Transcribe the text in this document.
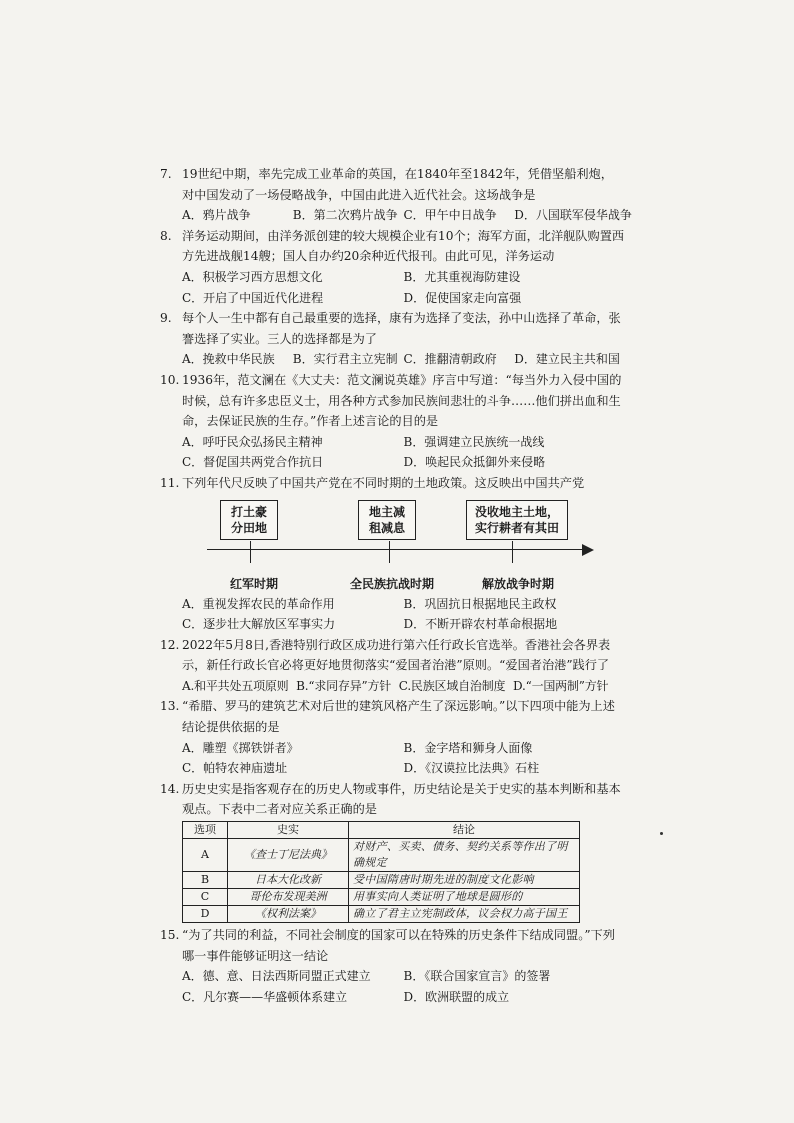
7. 19世纪中期，率先完成工业革命的英国，在1840年至1842年，凭借坚船利炮，对中国发动了一场侵略战争，中国由此进入近代社会。这场战争是
A．鸦片战争	B．第二次鸦片战争 C．甲午中日战争	D．八国联军侵华战争
8. 洋务运动期间，由洋务派创建的较大规模企业有10个；海军方面，北洋舰队购置西方先进战舰14艘；国人自办约20余种近代报刊。由此可见，洋务运动
A．积极学习西方思想文化	B．尤其重视海防建设
C．开启了中国近代化进程	D．促使国家走向富强
9. 每个人一生中都有自己最重要的选择，康有为选择了变法，孙中山选择了革命，张謇选择了实业。三人的选择都是为了
A．挽救中华民族	B．实行君主立宪制 C．推翻清朝政府	D．建立民主共和国
10. 1936年，范文澜在《大丈夫：范文澜说英雄》序言中写道：“每当外力入侵中国的时候，总有许多忠臣义士，用各种方式参加民族间悲壮的斗争……他们拼出血和生命，去保证民族的生存。”作者上述言论的目的是
A．呼吁民众弘扬民主精神	B．强调建立民族统一战线
C．督促国共两党合作抗日	D．唤起民众抵御外来侵略
11. 下列年代尺反映了中国共产党在不同时期的土地政策。这反映出中国共产党
打土豪
分田地
地主减
租减息
没收地主土地，
实行耕者有其田
红军时期	全民族抗战时期	解放战争时期
A．重视发挥农民的革命作用	B．巩固抗日根据地民主政权
C．逐步壮大解放区军事实力	D．不断开辟农村革命根据地
12. 2022年5月8日,香港特别行政区成功进行第六任行政长官选举。香港社会各界表示，新任行政长官必将更好地贯彻落实“爱国者治港”原则。“爱国者治港”践行了
A.和平共处五项原则 B.“求同存异”方针 C.民族区域自治制度 D.“一国两制”方针
13. “希腊、罗马的建筑艺术对后世的建筑风格产生了深远影响。”以下四项中能为上述结论提供依据的是
A．雕塑《掷铁饼者》	B．金字塔和狮身人面像
C．帕特农神庙遗址	D．《汉谟拉比法典》石柱
14. 历史史实是指客观存在的历史人物或事件，历史结论是关于史实的基本判断和基本观点。下表中二者对应关系正确的是
选项	史实	结论
A	《查士丁尼法典》	对财产、买卖、债务、契约关系等作出了明确规定
B	日本大化改新	受中国隋唐时期先进的制度文化影响
C	哥伦布发现美洲	用事实向人类证明了地球是圆形的
D	《权利法案》	确立了君主立宪制政体，议会权力高于国王
15. “为了共同的利益，不同社会制度的国家可以在特殊的历史条件下结成同盟。”下列哪一事件能够证明这一结论
A．德、意、日法西斯同盟正式建立	B．《联合国家宣言》的签署
C．凡尔赛——华盛顿体系建立	D．欧洲联盟的成立
